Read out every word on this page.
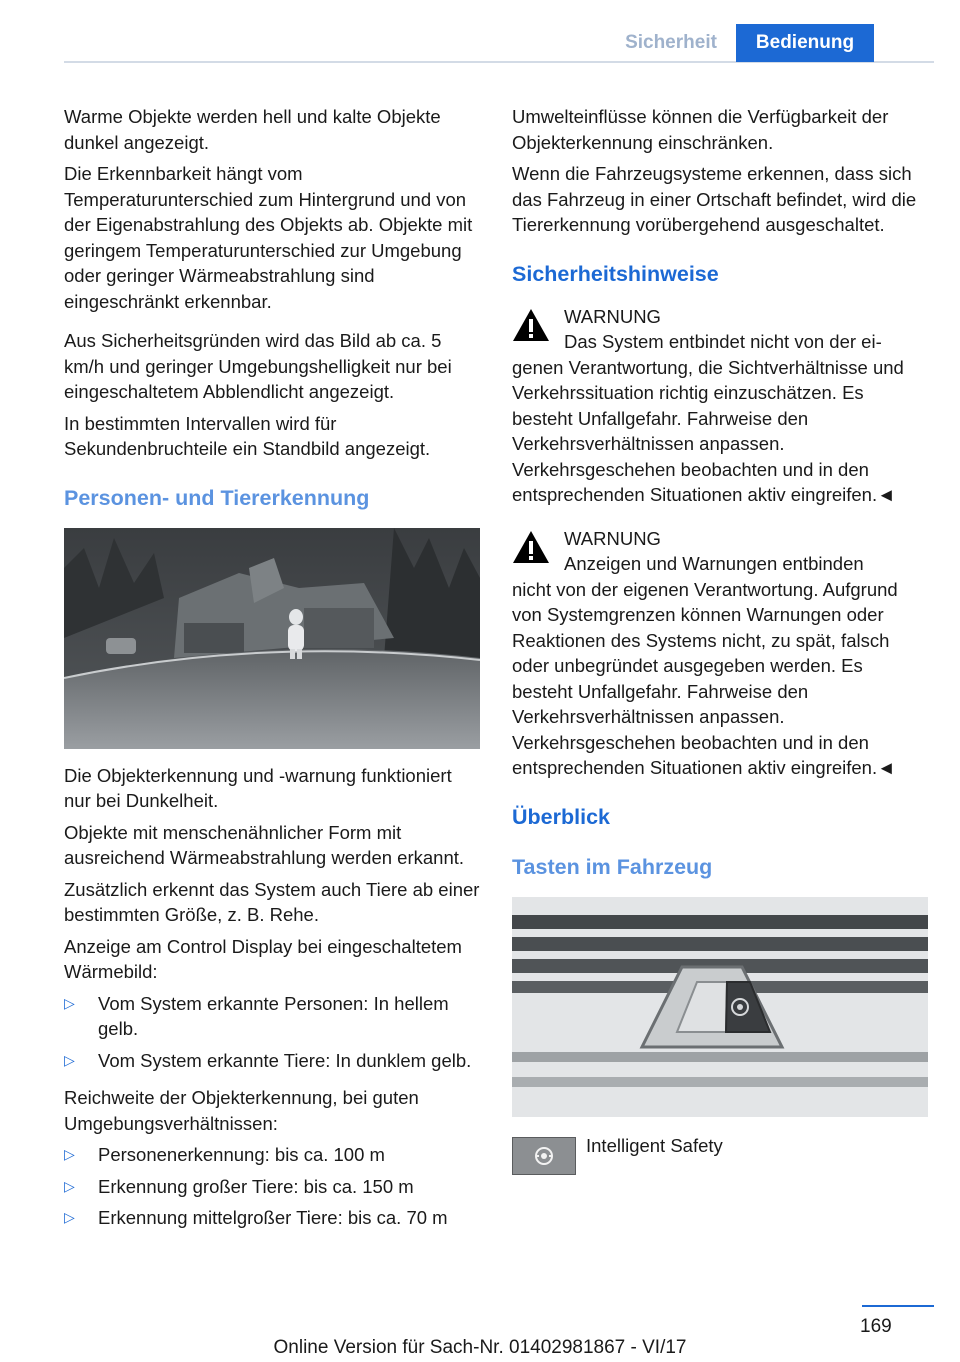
Sicherheit	Bedienung

Warme Objekte werden hell und kalte Objekte dunkel angezeigt.

Die Erkennbarkeit hängt vom Temperaturunterschied zum Hintergrund und von der Eigenabstrahlung des Objekts ab. Objekte mit geringem Temperaturunterschied zur Umgebung oder geringer Wärmeabstrahlung sind eingeschränkt erkennbar.

Aus Sicherheitsgründen wird das Bild ab ca. 5 km/h und geringer Umgebungshelligkeit nur bei eingeschaltetem Abblendlicht angezeigt.

In bestimmten Intervallen wird für Sekundenbruchteile ein Standbild angezeigt.

Personen- und Tiererkennung

Die Objekterkennung und -warnung funktioniert nur bei Dunkelheit.

Objekte mit menschenähnlicher Form mit ausreichend Wärmeabstrahlung werden erkannt.

Zusätzlich erkennt das System auch Tiere ab einer bestimmten Größe, z. B. Rehe.

Anzeige am Control Display bei eingeschaltetem Wärmebild:

▷ Vom System erkannte Personen: In hellem gelb.
▷ Vom System erkannte Tiere: In dunklem gelb.

Reichweite der Objekterkennung, bei guten Umgebungsverhältnissen:

▷ Personenerkennung: bis ca. 100 m
▷ Erkennung großer Tiere: bis ca. 150 m
▷ Erkennung mittelgroßer Tiere: bis ca. 70 m

Umwelteinflüsse können die Verfügbarkeit der Objekterkennung einschränken.

Wenn die Fahrzeugsysteme erkennen, dass sich das Fahrzeug in einer Ortschaft befindet, wird die Tiererkennung vorübergehend ausgeschaltet.

Sicherheitshinweise
WARNUNG
Das System entbindet nicht von der ei-
genen Verantwortung, die Sichtverhältnisse und Verkehrssituation richtig einzuschätzen. Es besteht Unfallgefahr. Fahrweise den Verkehrsverhältnissen anpassen. Verkehrsgeschehen beobachten und in den entsprechenden Situationen aktiv eingreifen.◄
WARNUNG
Anzeigen und Warnungen entbinden
nicht von der eigenen Verantwortung. Aufgrund von Systemgrenzen können Warnungen oder Reaktionen des Systems nicht, zu spät, falsch oder unbegründet ausgegeben werden. Es besteht Unfallgefahr. Fahrweise den Verkehrsverhältnissen anpassen. Verkehrsgeschehen beobachten und in den entsprechenden Situationen aktiv eingreifen.◄
Überblick
Tasten im Fahrzeug
Intelligent Safety
169
Online Version für Sach-Nr. 01402981867 - VI/17
